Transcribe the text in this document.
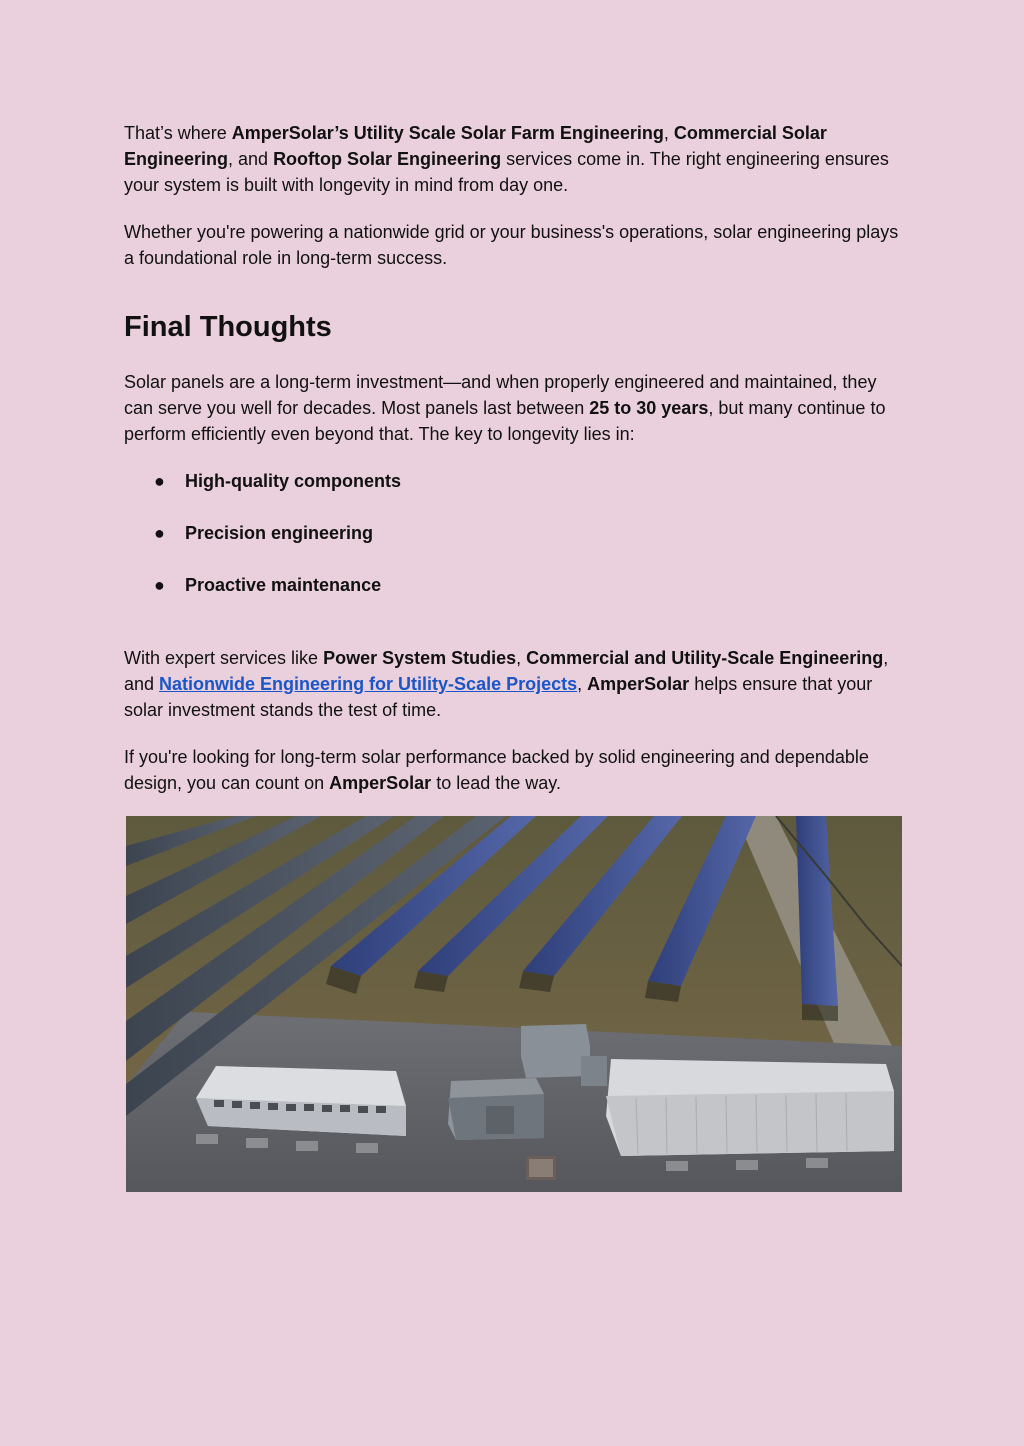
That’s where AmperSolar’s Utility Scale Solar Farm Engineering, Commercial Solar Engineering, and Rooftop Solar Engineering services come in. The right engineering ensures your system is built with longevity in mind from day one.

Whether you're powering a nationwide grid or your business's operations, solar engineering plays a foundational role in long-term success.

Final Thoughts

Solar panels are a long-term investment—and when properly engineered and maintained, they can serve you well for decades. Most panels last between 25 to 30 years, but many continue to perform efficiently even beyond that. The key to longevity lies in:

● High-quality components
● Precision engineering
● Proactive maintenance

With expert services like Power System Studies, Commercial and Utility-Scale Engineering, and Nationwide Engineering for Utility-Scale Projects, AmperSolar helps ensure that your solar investment stands the test of time.

If you're looking for long-term solar performance backed by solid engineering and dependable design, you can count on AmperSolar to lead the way.
